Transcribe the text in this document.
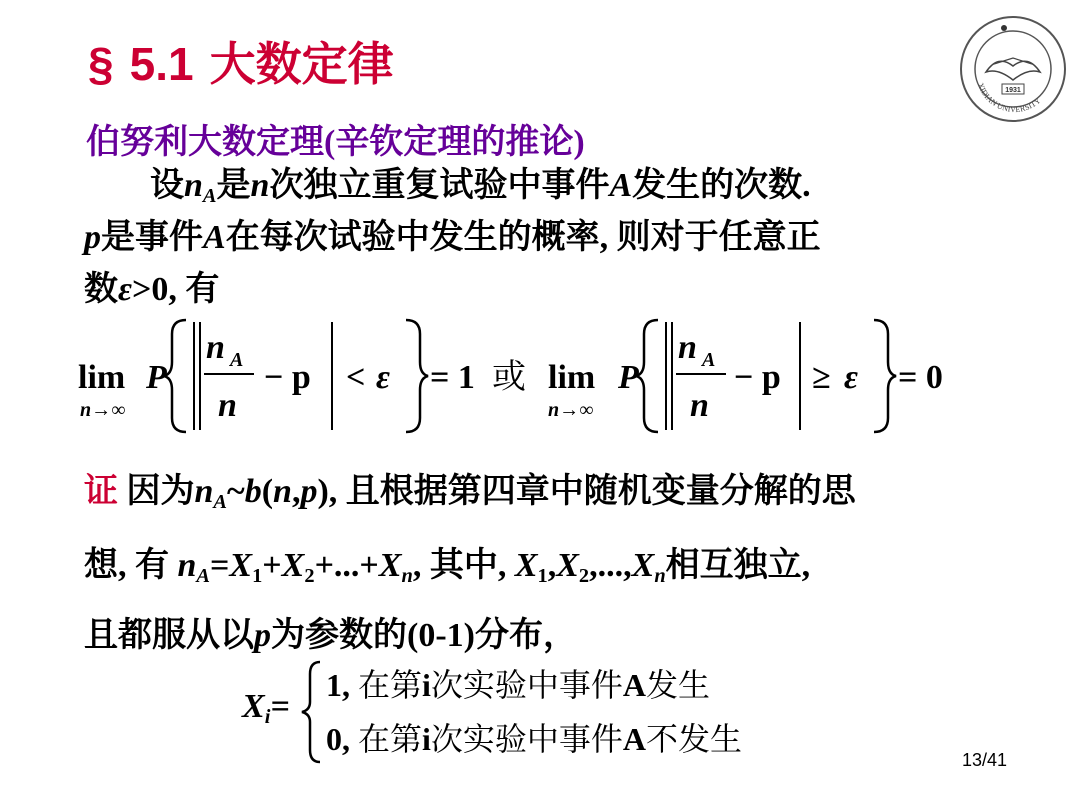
§ 5.1 大数定律
1931
XIDIAN UNIVERSITY
伯努利大数定理(辛钦定理的推论)
设$n_A$是n次独立重复试验中事件A发生的次数.
p是事件A在每次试验中发生的概率, 则对于任意正
数ε>0, 有
lim
n→∞
P
n A
n
− p < ε = 1 或 lim
n→∞
P
n A
n
− p ≥ ε = 0
证 因为$n_A\sim b(n,p)$, 且根据第四章中随机变量分解的思
想, 有 $n_A=X_1+X_2+...+X_n$, 其中, $X_1,X_2,...,X_n$相互独立,
且都服从以p为参数的(0-1)分布，
$X_i=$
1, 在第i次实验中事件A发生
0, 在第i次实验中事件A不发生
13/41
